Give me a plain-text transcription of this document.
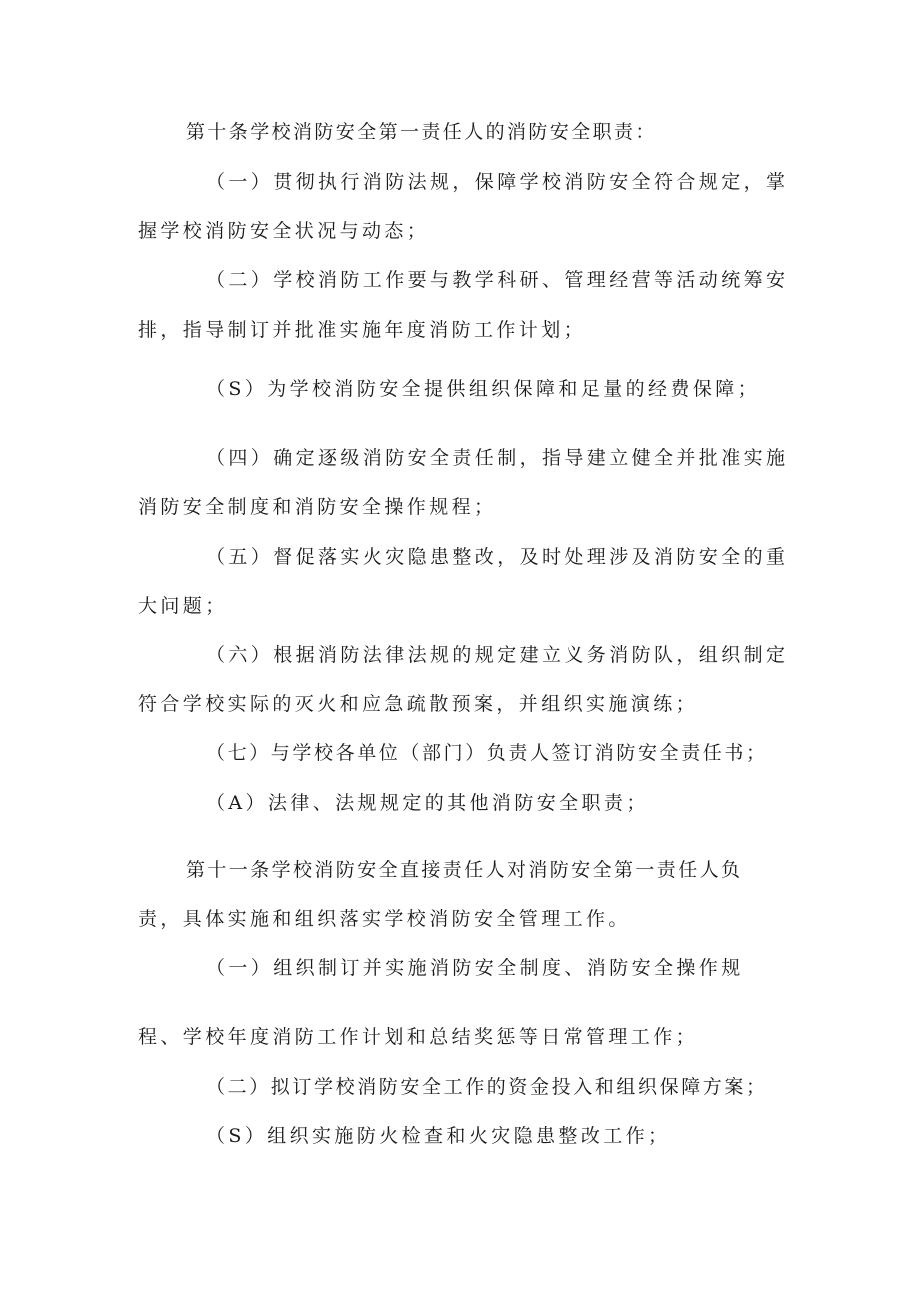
第十条学校消防安全第一责任人的消防安全职责：
（一）贯彻执行消防法规，保障学校消防安全符合规定，掌
握学校消防安全状况与动态；
（二）学校消防工作要与教学科研、管理经营等活动统筹安
排，指导制订并批准实施年度消防工作计划；
（S）为学校消防安全提供组织保障和足量的经费保障；
（四）确定逐级消防安全责任制，指导建立健全并批准实施
消防安全制度和消防安全操作规程；
（五）督促落实火灾隐患整改，及时处理涉及消防安全的重
大问题；
（六）根据消防法律法规的规定建立义务消防队，组织制定
符合学校实际的灭火和应急疏散预案，并组织实施演练；
（七）与学校各单位（部门）负责人签订消防安全责任书；
（A）法律、法规规定的其他消防安全职责；
第十一条学校消防安全直接责任人对消防安全第一责任人负
责，具体实施和组织落实学校消防安全管理工作。
（一）组织制订并实施消防安全制度、消防安全操作规
程、学校年度消防工作计划和总结奖惩等日常管理工作；
（二）拟订学校消防安全工作的资金投入和组织保障方案；
（S）组织实施防火检查和火灾隐患整改工作；
